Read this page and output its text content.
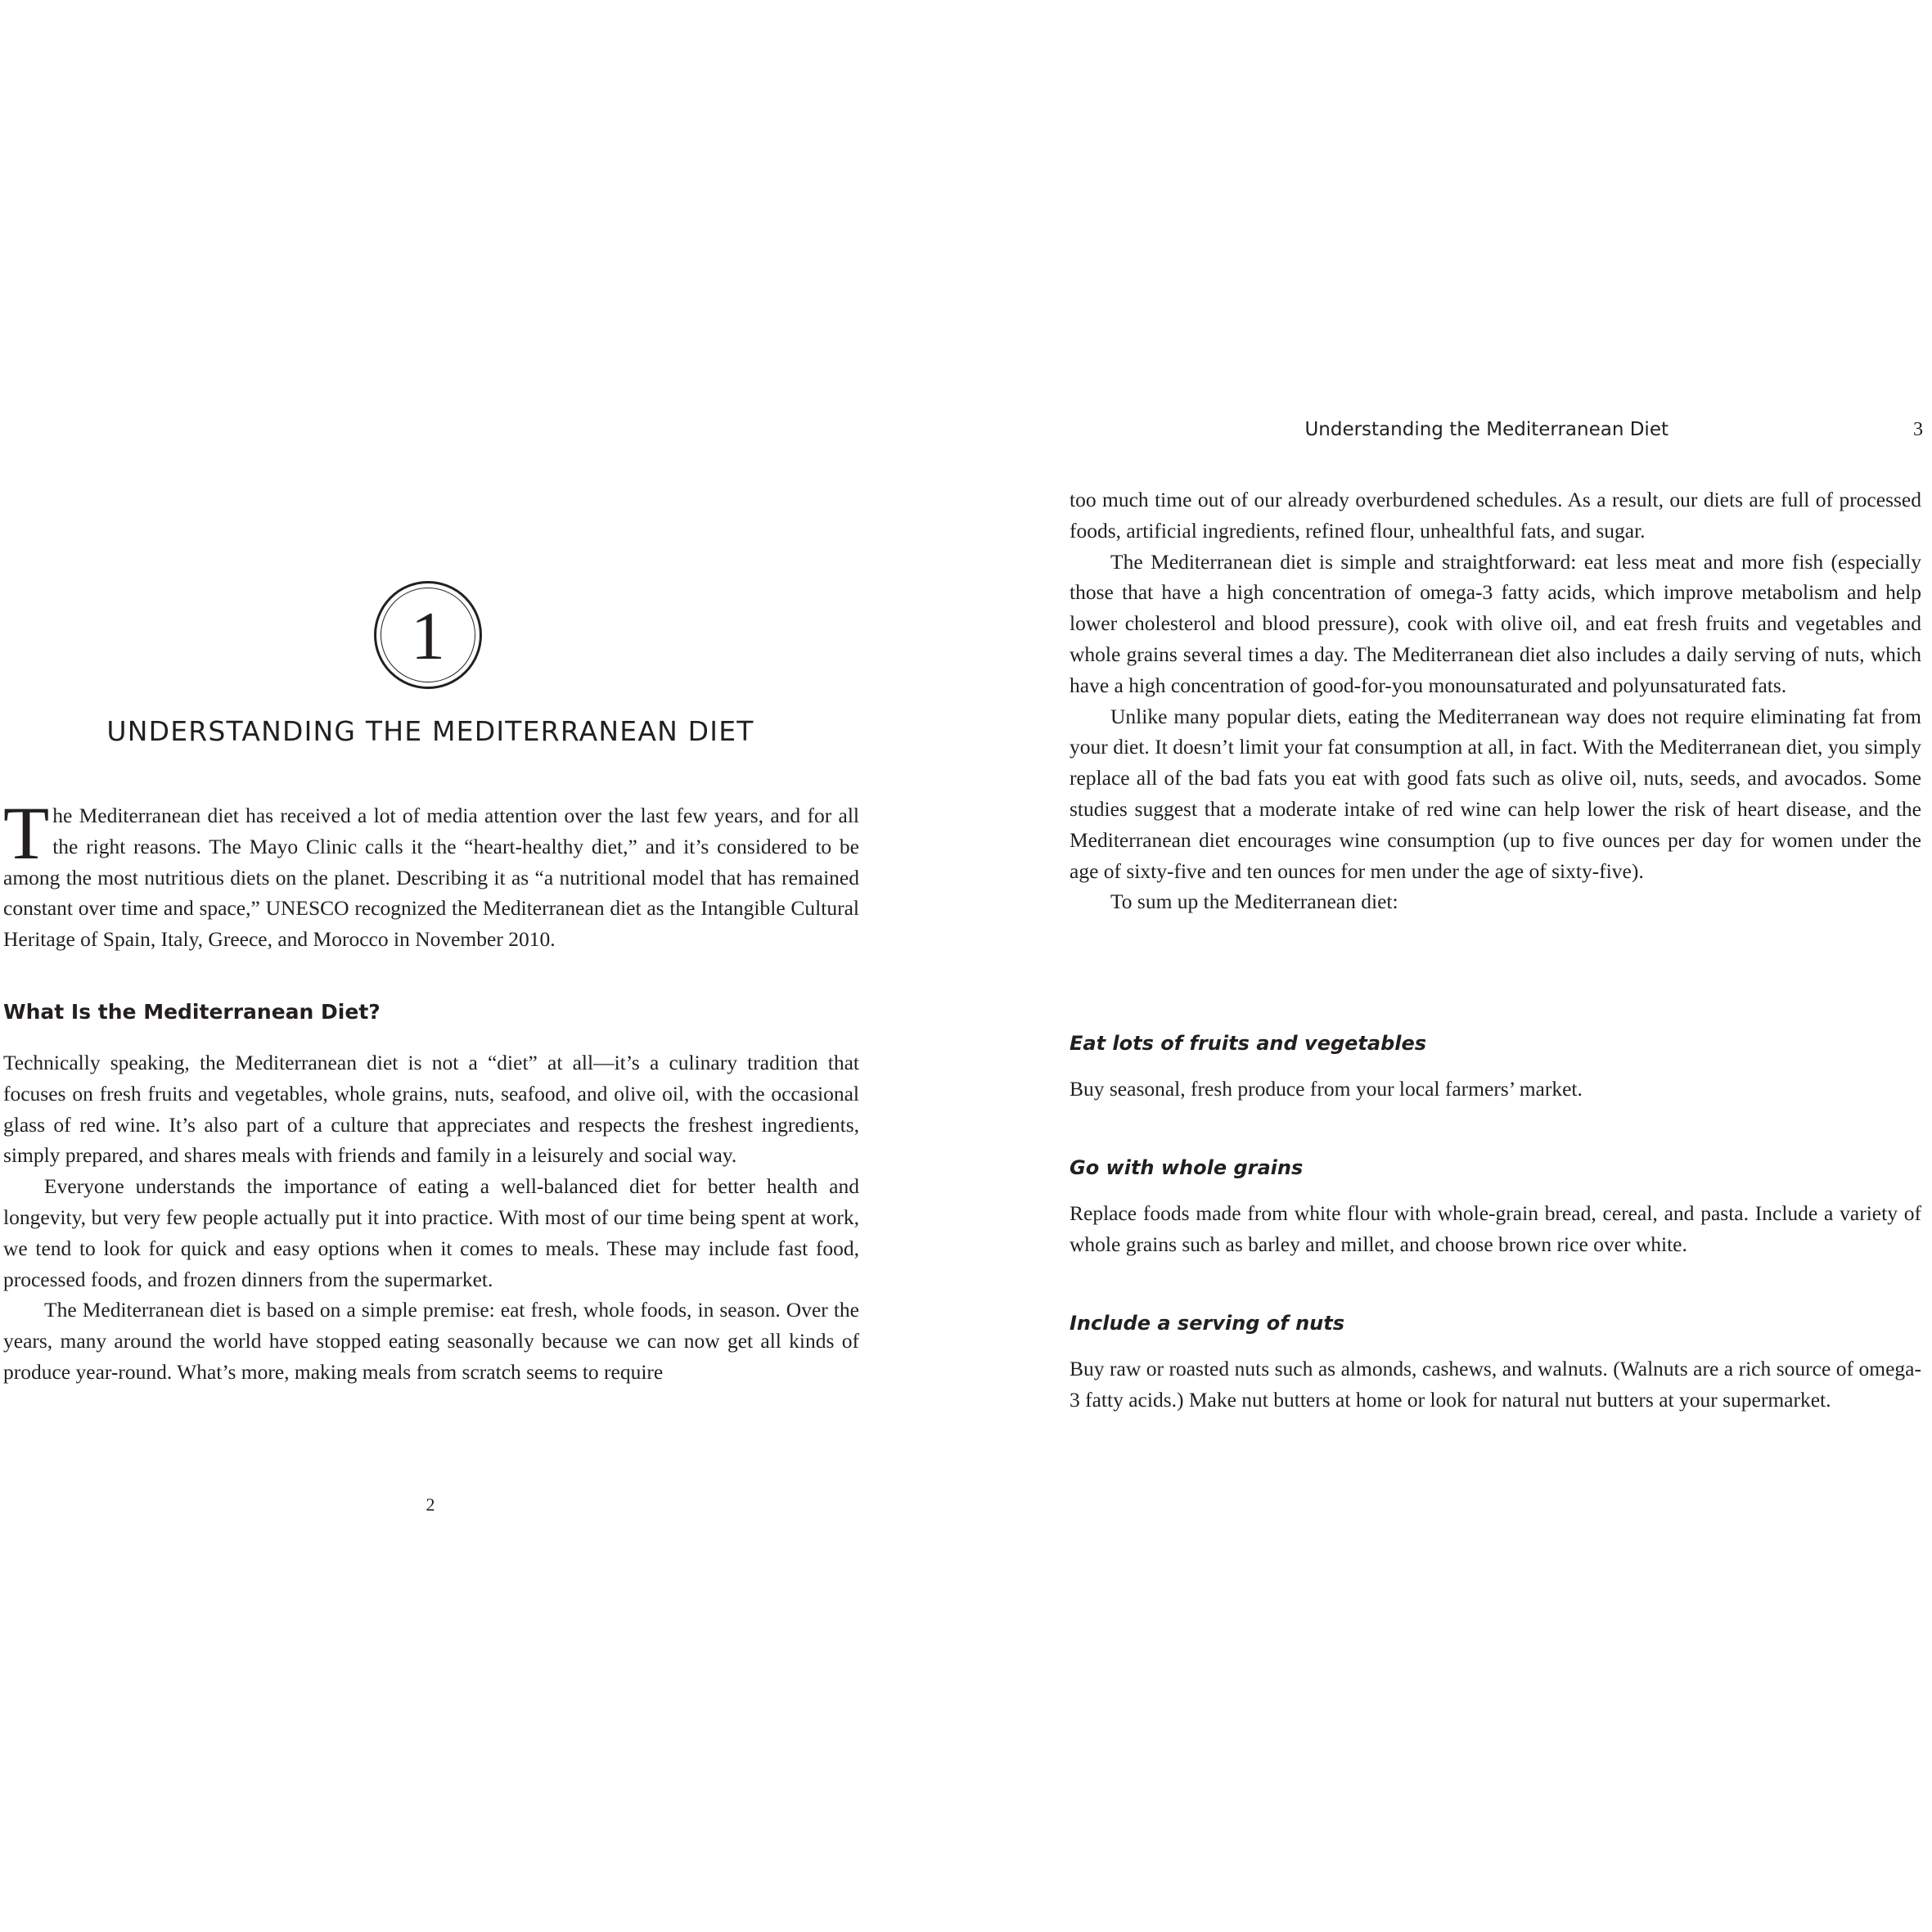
1
UNDERSTANDING THE MEDITERRANEAN DIET

The Mediterranean diet has received a lot of media attention over the last few years, and for all the right reasons. The Mayo Clinic calls it the “heart-healthy diet,” and it’s considered to be among the most nutritious diets on the planet. Describing it as “a nutritional model that has remained constant over time and space,” UNESCO recognized the Mediterranean diet as the Intangible Cultural Heritage of Spain, Italy, Greece, and Morocco in November 2010.

What Is the Mediterranean Diet?

Technically speaking, the Mediterranean diet is not a “diet” at all—it’s a culinary tradition that focuses on fresh fruits and vegetables, whole grains, nuts, seafood, and olive oil, with the occasional glass of red wine. It’s also part of a culture that appreciates and respects the freshest ingredients, simply prepared, and shares meals with friends and family in a leisurely and social way.

Everyone understands the importance of eating a well-balanced diet for better health and longevity, but very few people actually put it into practice. With most of our time being spent at work, we tend to look for quick and easy options when it comes to meals. These may include fast food, processed foods, and frozen dinners from the supermarket.

The Mediterranean diet is based on a simple premise: eat fresh, whole foods, in season. Over the years, many around the world have stopped eating seasonally because we can now get all kinds of produce year-round. What’s more, making meals from scratch seems to require

2
Understanding the Mediterranean Diet	3

too much time out of our already overburdened schedules. As a result, our diets are full of processed foods, artificial ingredients, refined flour, unhealthful fats, and sugar.

The Mediterranean diet is simple and straightforward: eat less meat and more fish (especially those that have a high concentration of omega-3 fatty acids, which improve metabolism and help lower cholesterol and blood pressure), cook with olive oil, and eat fresh fruits and vegetables and whole grains several times a day. The Mediterranean diet also includes a daily serving of nuts, which have a high concentration of good-for-you monounsaturated and polyunsaturated fats.

Unlike many popular diets, eating the Mediterranean way does not require eliminating fat from your diet. It doesn’t limit your fat consumption at all, in fact. With the Mediterranean diet, you simply replace all of the bad fats you eat with good fats such as olive oil, nuts, seeds, and avocados. Some studies suggest that a moderate intake of red wine can help lower the risk of heart disease, and the Mediterranean diet encourages wine consumption (up to five ounces per day for women under the age of sixty-five and ten ounces for men under the age of sixty-five).

To sum up the Mediterranean diet:

Eat lots of fruits and vegetables

Buy seasonal, fresh produce from your local farmers’ market.

Go with whole grains

Replace foods made from white flour with whole-grain bread, cereal, and pasta. Include a variety of whole grains such as barley and millet, and choose brown rice over white.

Include a serving of nuts

Buy raw or roasted nuts such as almonds, cashews, and walnuts. (Walnuts are a rich source of omega-3 fatty acids.) Make nut butters at home or look for natural nut butters at your supermarket.
